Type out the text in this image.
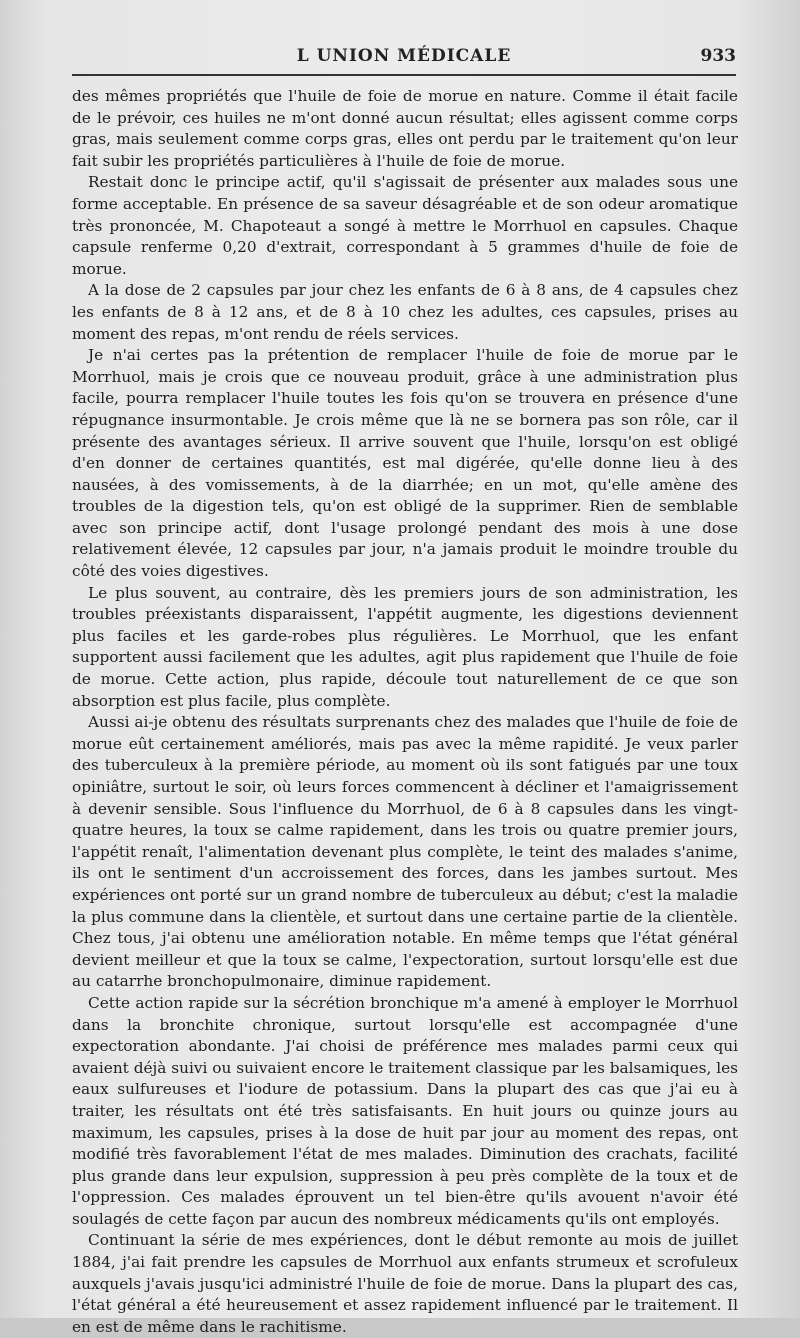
L UNION MÉDICALE	933

des mêmes propriétés que l'huile de foie de morue en nature. Comme il était facile de le prévoir, ces huiles ne m'ont donné aucun résultat; elles agissent comme corps gras, mais seulement comme corps gras, elles ont perdu par le traitement qu'on leur fait subir les propriétés particulières à l'huile de foie de morue.

Restait donc le principe actif, qu'il s'agissait de présenter aux malades sous une forme acceptable. En présence de sa saveur désagréable et de son odeur aromatique très prononcée, M. Chapoteaut a songé à mettre le Morrhuol en capsules. Chaque capsule renferme 0,20 d'extrait, correspondant à 5 grammes d'huile de foie de morue.

A la dose de 2 capsules par jour chez les enfants de 6 à 8 ans, de 4 capsules chez les enfants de 8 à 12 ans, et de 8 à 10 chez les adultes, ces capsules, prises au moment des repas, m'ont rendu de réels services.

Je n'ai certes pas la prétention de remplacer l'huile de foie de morue par le Morrhuol, mais je crois que ce nouveau produit, grâce à une administration plus facile, pourra remplacer l'huile toutes les fois qu'on se trouvera en présence d'une répugnance insurmontable. Je crois même que là ne se bornera pas son rôle, car il présente des avantages sérieux. Il arrive souvent que l'huile, lorsqu'on est obligé d'en donner de certaines quantités, est mal digérée, qu'elle donne lieu à des nausées, à des vomissements, à de la diarrhée; en un mot, qu'elle amène des troubles de la digestion tels, qu'on est obligé de la supprimer. Rien de semblable avec son principe actif, dont l'usage prolongé pendant des mois à une dose relativement élevée, 12 capsules par jour, n'a jamais produit le moindre trouble du côté des voies digestives.

Le plus souvent, au contraire, dès les premiers jours de son administration, les troubles préexistants disparaissent, l'appétit augmente, les digestions deviennent plus faciles et les garde-robes plus régulières. Le Morrhuol, que les enfant supportent aussi facilement que les adultes, agit plus rapidement que l'huile de foie de morue. Cette action, plus rapide, découle tout naturellement de ce que son absorption est plus facile, plus complète.

Aussi ai-je obtenu des résultats surprenants chez des malades que l'huile de foie de morue eût certainement améliorés, mais pas avec la même rapidité. Je veux parler des tuberculeux à la première période, au moment où ils sont fatigués par une toux opiniâtre, surtout le soir, où leurs forces commencent à décliner et l'amaigrissement à devenir sensible. Sous l'influence du Morrhuol, de 6 à 8 capsules dans les vingt-quatre heures, la toux se calme rapidement, dans les trois ou quatre premier jours, l'appétit renaît, l'alimentation devenant plus complète, le teint des malades s'anime, ils ont le sentiment d'un accroissement des forces, dans les jambes surtout. Mes expériences ont porté sur un grand nombre de tuberculeux au début; c'est la maladie la plus commune dans la clientèle, et surtout dans une certaine partie de la clientèle. Chez tous, j'ai obtenu une amélioration notable. En même temps que l'état général devient meilleur et que la toux se calme, l'expectoration, surtout lorsqu'elle est due au catarrhe bronchopulmonaire, diminue rapidement.

Cette action rapide sur la sécrétion bronchique m'a amené à employer le Morrhuol dans la bronchite chronique, surtout lorsqu'elle est accompagnée d'une expectoration abondante. J'ai choisi de préférence mes malades parmi ceux qui avaient déjà suivi ou suivaient encore le traitement classique par les balsamiques, les eaux sulfureuses et l'iodure de potassium. Dans la plupart des cas que j'ai eu à traiter, les résultats ont été très satisfaisants. En huit jours ou quinze jours au maximum, les capsules, prises à la dose de huit par jour au moment des repas, ont modifié très favorablement l'état de mes malades. Diminution des crachats, facilité plus grande dans leur expulsion, suppression à peu près complète de la toux et de l'oppression. Ces malades éprouvent un tel bien-être qu'ils avouent n'avoir été soulagés de cette façon par aucun des nombreux médicaments qu'ils ont employés.

Continuant la série de mes expériences, dont le début remonte au mois de juillet 1884, j'ai fait prendre les capsules de Morrhuol aux enfants strumeux et scrofuleux auxquels j'avais jusqu'ici administré l'huile de foie de morue. Dans la plupart des cas, l'état général a été heureusement et assez rapidement influencé par le traitement. Il en est de même dans le rachitisme.
